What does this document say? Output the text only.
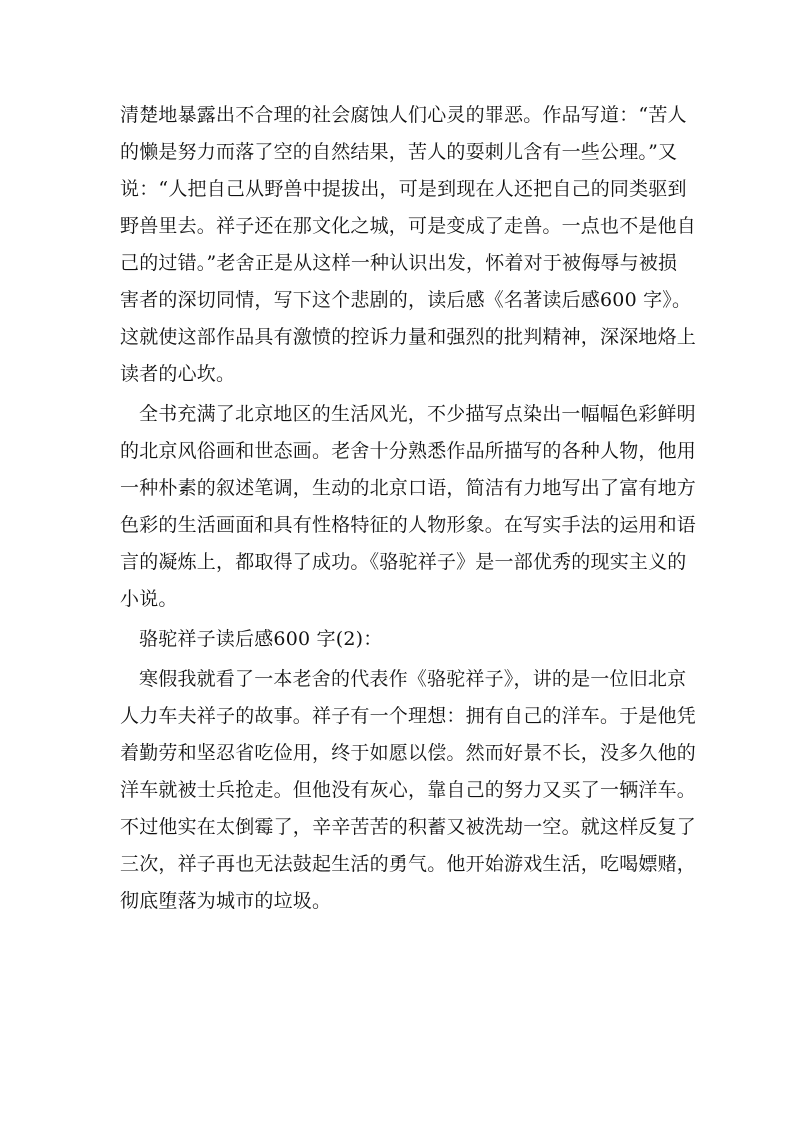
清楚地暴露出不合理的社会腐蚀人们心灵的罪恶。作品写道：“苦人
的懒是努力而落了空的自然结果，苦人的耍刺儿含有一些公理。”又
说：“人把自己从野兽中提拔出，可是到现在人还把自己的同类驱到
野兽里去。祥子还在那文化之城，可是变成了走兽。一点也不是他自
己的过错。”老舍正是从这样一种认识出发，怀着对于被侮辱与被损
害者的深切同情，写下这个悲剧的，读后感《名著读后感600 字》。
这就使这部作品具有激愤的控诉力量和强烈的批判精神，深深地烙上
读者的心坎。

全书充满了北京地区的生活风光，不少描写点染出一幅幅色彩鲜明
的北京风俗画和世态画。老舍十分熟悉作品所描写的各种人物，他用
一种朴素的叙述笔调，生动的北京口语，简洁有力地写出了富有地方
色彩的生活画面和具有性格特征的人物形象。在写实手法的运用和语
言的凝炼上，都取得了成功。《骆驼祥子》是一部优秀的现实主义的
小说。

骆驼祥子读后感600 字(2)：

寒假我就看了一本老舍的代表作《骆驼祥子》，讲的是一位旧北京
人力车夫祥子的故事。祥子有一个理想：拥有自己的洋车。于是他凭
着勤劳和坚忍省吃俭用，终于如愿以偿。然而好景不长，没多久他的
洋车就被士兵抢走。但他没有灰心，靠自己的努力又买了一辆洋车。
不过他实在太倒霉了，辛辛苦苦的积蓄又被洗劫一空。就这样反复了
三次，祥子再也无法鼓起生活的勇气。他开始游戏生活，吃喝嫖赌，
彻底堕落为城市的垃圾。
